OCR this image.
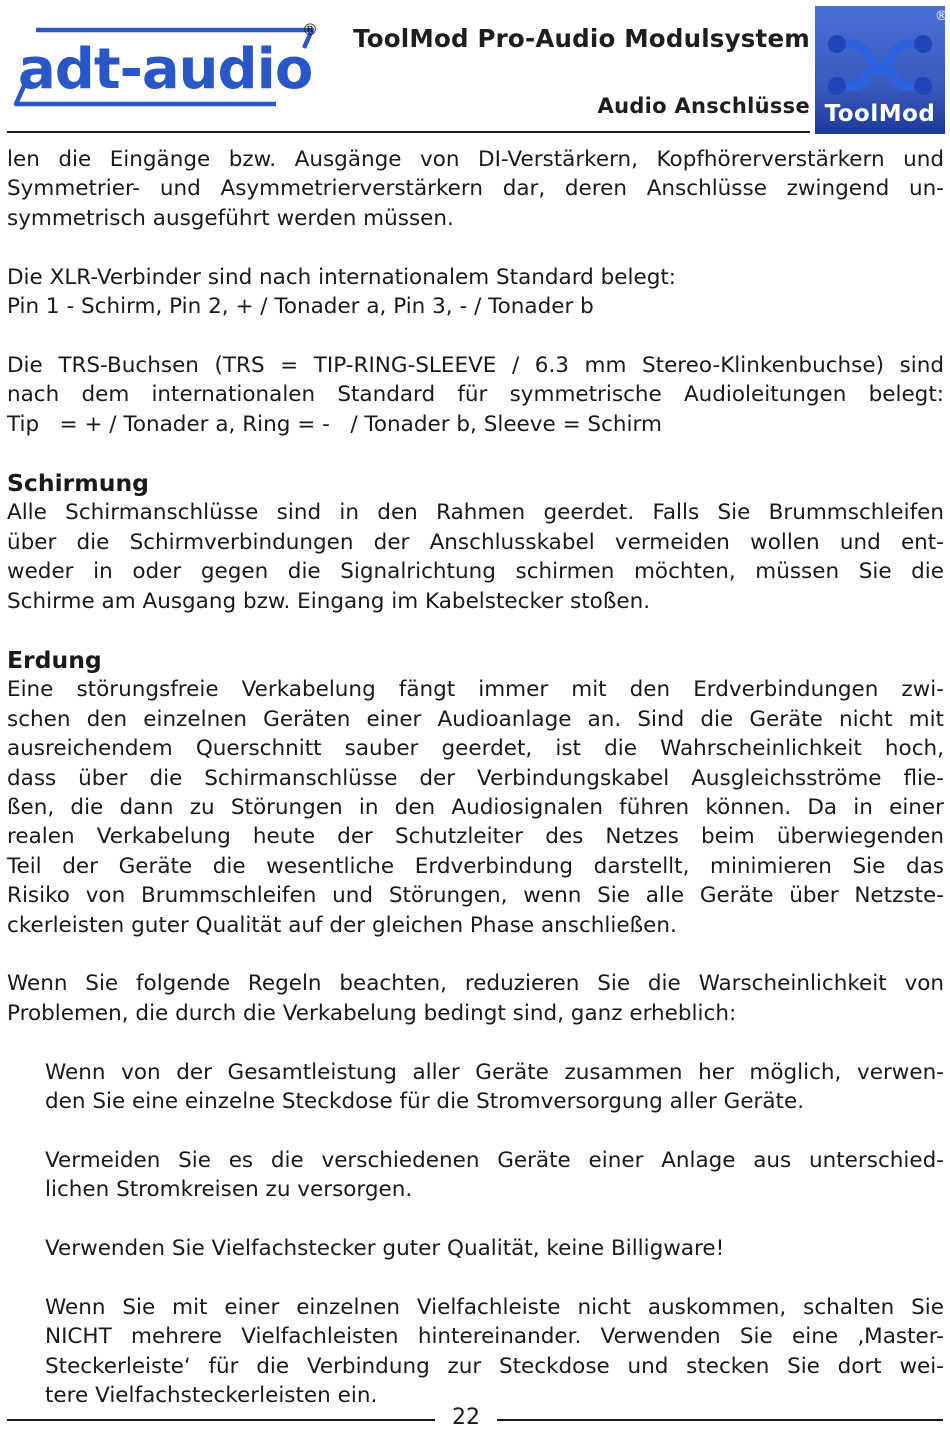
adt-audio
® ToolMod Pro-Audio Modulsystem
Audio Anschlüsse
®
ToolMod
len die Eingänge bzw. Ausgänge von DI-Verstärkern, Kopfhörerverstärkern und
Symmetrier- und Asymmetrierverstärkern dar, deren Anschlüsse zwingend un-
symmetrisch ausgeführt werden müssen.
Die XLR-Verbinder sind nach internationalem Standard belegt:
Pin 1 - Schirm, Pin 2, + / Tonader a, Pin 3, - / Tonader b
Die TRS-Buchsen (TRS = TIP-RING-SLEEVE / 6.3 mm Stereo-Klinkenbuchse) sind
nach dem internationalen Standard für symmetrische Audioleitungen belegt:
Tip   = + / Tonader a, Ring = -   / Tonader b, Sleeve = Schirm
Schirmung
Alle Schirmanschlüsse sind in den Rahmen geerdet. Falls Sie Brummschleifen
über die Schirmverbindungen der Anschlusskabel vermeiden wollen und ent-
weder in oder gegen die Signalrichtung schirmen möchten, müssen Sie die
Schirme am Ausgang bzw. Eingang im Kabelstecker stoßen.
Erdung
Eine störungsfreie Verkabelung fängt immer mit den Erdverbindungen zwi-
schen den einzelnen Geräten einer Audioanlage an. Sind die Geräte nicht mit
ausreichendem Querschnitt sauber geerdet, ist die Wahrscheinlichkeit hoch,
dass über die Schirmanschlüsse der Verbindungskabel Ausgleichsströme flie-
ßen, die dann zu Störungen in den Audiosignalen führen können. Da in einer
realen Verkabelung heute der Schutzleiter des Netzes beim überwiegenden
Teil der Geräte die wesentliche Erdverbindung darstellt, minimieren Sie das
Risiko von Brummschleifen und Störungen, wenn Sie alle Geräte über Netzste-
ckerleisten guter Qualität auf der gleichen Phase anschließen.
Wenn Sie folgende Regeln beachten, reduzieren Sie die Warscheinlichkeit von
Problemen, die durch die Verkabelung bedingt sind, ganz erheblich:
Wenn von der Gesamtleistung aller Geräte zusammen her möglich, verwen-
den Sie eine einzelne Steckdose für die Stromversorgung aller Geräte.
Vermeiden Sie es die verschiedenen Geräte einer Anlage aus unterschied-
lichen Stromkreisen zu versorgen.
Verwenden Sie Vielfachstecker guter Qualität, keine Billigware!
Wenn Sie mit einer einzelnen Vielfachleiste nicht auskommen, schalten Sie
NICHT mehrere Vielfachleisten hintereinander. Verwenden Sie eine ‚Master-
Steckerleiste‘ für die Verbindung zur Steckdose und stecken Sie dort wei-
tere Vielfachsteckerleisten ein.
22
